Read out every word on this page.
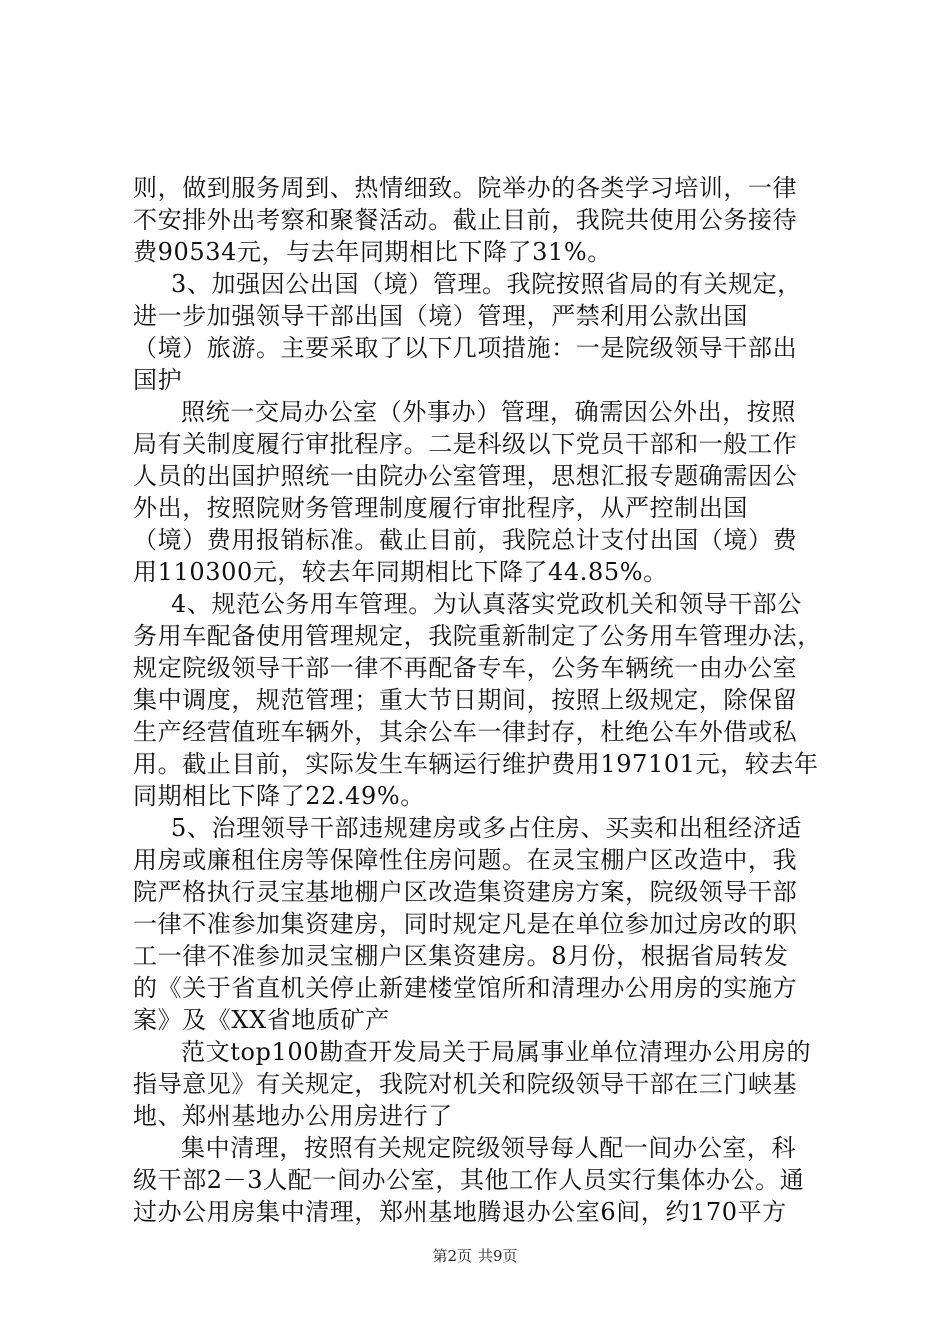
则，做到服务周到、热情细致。院举办的各类学习培训，一律
不安排外出考察和聚餐活动。截止目前，我院共使用公务接待
费90534元，与去年同期相比下降了31%。
3、加强因公出国（境）管理。我院按照省局的有关规定，
进一步加强领导干部出国（境）管理，严禁利用公款出国
（境）旅游。主要采取了以下几项措施：一是院级领导干部出
国护
照统一交局办公室（外事办）管理，确需因公外出，按照
局有关制度履行审批程序。二是科级以下党员干部和一般工作
人员的出国护照统一由院办公室管理，思想汇报专题确需因公
外出，按照院财务管理制度履行审批程序，从严控制出国
（境）费用报销标准。截止目前，我院总计支付出国（境）费
用110300元，较去年同期相比下降了44.85%。
4、规范公务用车管理。为认真落实党政机关和领导干部公
务用车配备使用管理规定，我院重新制定了公务用车管理办法，
规定院级领导干部一律不再配备专车，公务车辆统一由办公室
集中调度，规范管理；重大节日期间，按照上级规定，除保留
生产经营值班车辆外，其余公车一律封存，杜绝公车外借或私
用。截止目前，实际发生车辆运行维护费用197101元，较去年
同期相比下降了22.49%。
5、治理领导干部违规建房或多占住房、买卖和出租经济适
用房或廉租住房等保障性住房问题。在灵宝棚户区改造中，我
院严格执行灵宝基地棚户区改造集资建房方案，院级领导干部
一律不准参加集资建房，同时规定凡是在单位参加过房改的职
工一律不准参加灵宝棚户区集资建房。8月份，根据省局转发
的《关于省直机关停止新建楼堂馆所和清理办公用房的实施方
案》及《XX省地质矿产
范文top100勘查开发局关于局属事业单位清理办公用房的
指导意见》有关规定，我院对机关和院级领导干部在三门峡基
地、郑州基地办公用房进行了
集中清理，按照有关规定院级领导每人配一间办公室，科
级干部2－3人配一间办公室，其他工作人员实行集体办公。通
过办公用房集中清理，郑州基地腾退办公室6间，约170平方
第2页 共9页
